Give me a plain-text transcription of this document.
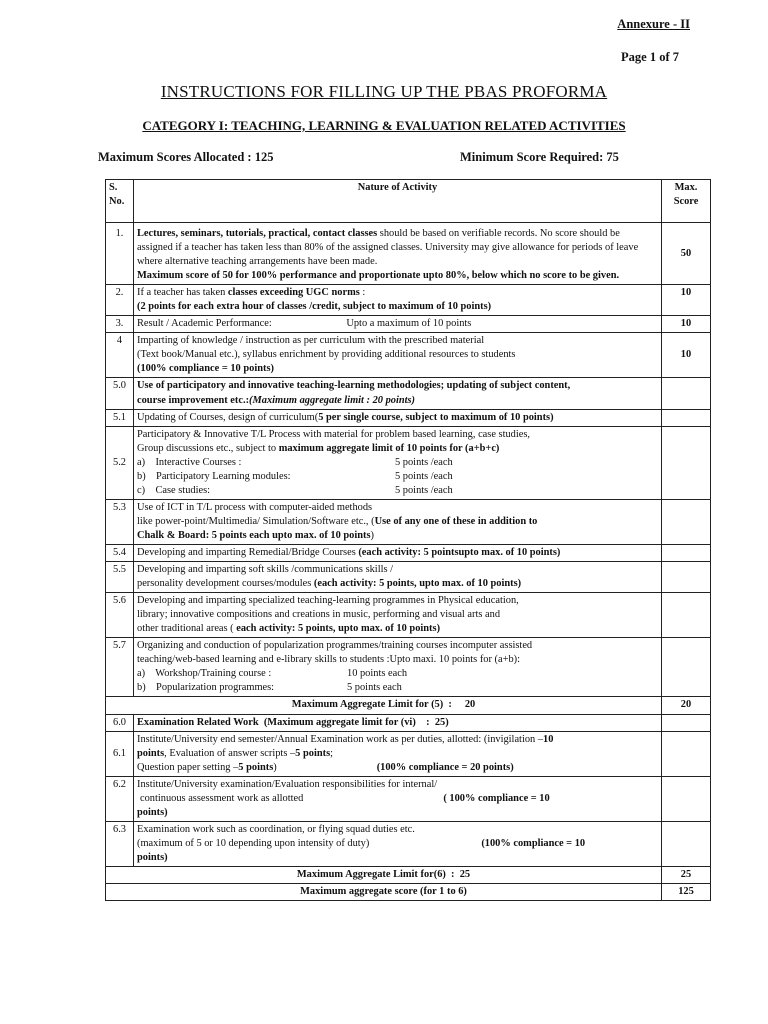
Annexure - II
Page 1 of 7
INSTRUCTIONS FOR FILLING UP THE PBAS PROFORMA
CATEGORY I: TEACHING, LEARNING & EVALUATION RELATED ACTIVITIES
Maximum Scores Allocated : 125	Minimum Score Required: 75
S. No.	Nature of Activity	Max. Score
1.	Lectures, seminars, tutorials, practical, contact classes should be based on verifiable records. No score should be assigned if a teacher has taken less than 80% of the assigned classes. University may give allowance for periods of leave where alternative teaching arrangements have been made.
Maximum score of 50 for 100% performance and proportionate upto 80%, below which no score to be given.	50
2.	If a teacher has taken classes exceeding UGC norms :
(2 points for each extra hour of classes /credit, subject to maximum of 10 points)	10
3.	Result / Academic Performance: Upto a maximum of 10 points	10
4	Imparting of knowledge / instruction as per curriculum with the prescribed material
(Text book/Manual etc.), syllabus enrichment by providing additional resources to students
(100% compliance = 10 points)	10
5.0	Use of participatory and innovative teaching-learning methodologies; updating of subject content,
course improvement etc.:(Maximum aggregate limit : 20 points)	

5.1	Updating of Courses, design of curriculum(5 per single course, subject to maximum of 10 points)	
5.2	Participatory & Innovative T/L Process with material for problem based learning, case studies,
Group discussions etc., subject to maximum aggregate limit of 10 points for (a+b+c)
a)    Interactive Courses : 5 points /each
b)    Participatory Learning modules: 5 points /each
c)    Case studies: 5 points /each	

5.3	Use of ICT in T/L process with computer-aided methods
like power-point/Multimedia/ Simulation/Software etc., (Use of any one of these in addition to
Chalk & Board: 5 points each upto max. of 10 points)	

5.4	Developing and imparting Remedial/Bridge Courses (each activity: 5 pointsupto max. of 10 points)	
5.5	Developing and imparting soft skills /communications skills /
personality development courses/modules (each activity: 5 points, upto max. of 10 points)	

5.6	Developing and imparting specialized teaching-learning programmes in Physical education,
library; innovative compositions and creations in music, performing and visual arts and
other traditional areas ( each activity: 5 points, upto max. of 10 points)	

5.7	Organizing and conduction of popularization programmes/training courses incomputer assisted
teaching/web-based learning and e-library skills to students :Upto maxi. 10 points for (a+b):
a)    Workshop/Training course : 10 points each
b)    Popularization programmes: 5 points each	

Maximum Aggregate Limit for (5)  :     20		20
6.0	Examination Related Work  (Maximum aggregate limit for (vi)    :  25)	
6.1	Institute/University end semester/Annual Examination work as per duties, allotted: (invigilation –10
points, Evaluation of answer scripts –5 points;
Question paper setting –5 points) (100% compliance = 20 points)	

6.2	Institute/University examination/Evaluation responsibilities for internal/
continuous assessment work as allotted ( 100% compliance = 10
points)	

6.3	Examination work such as coordination, or flying squad duties etc.
(maximum of 5 or 10 depending upon intensity of duty) (100% compliance = 10
points)	

Maximum Aggregate Limit for(6)  :  25		25
Maximum aggregate score (for 1 to 6)		125
